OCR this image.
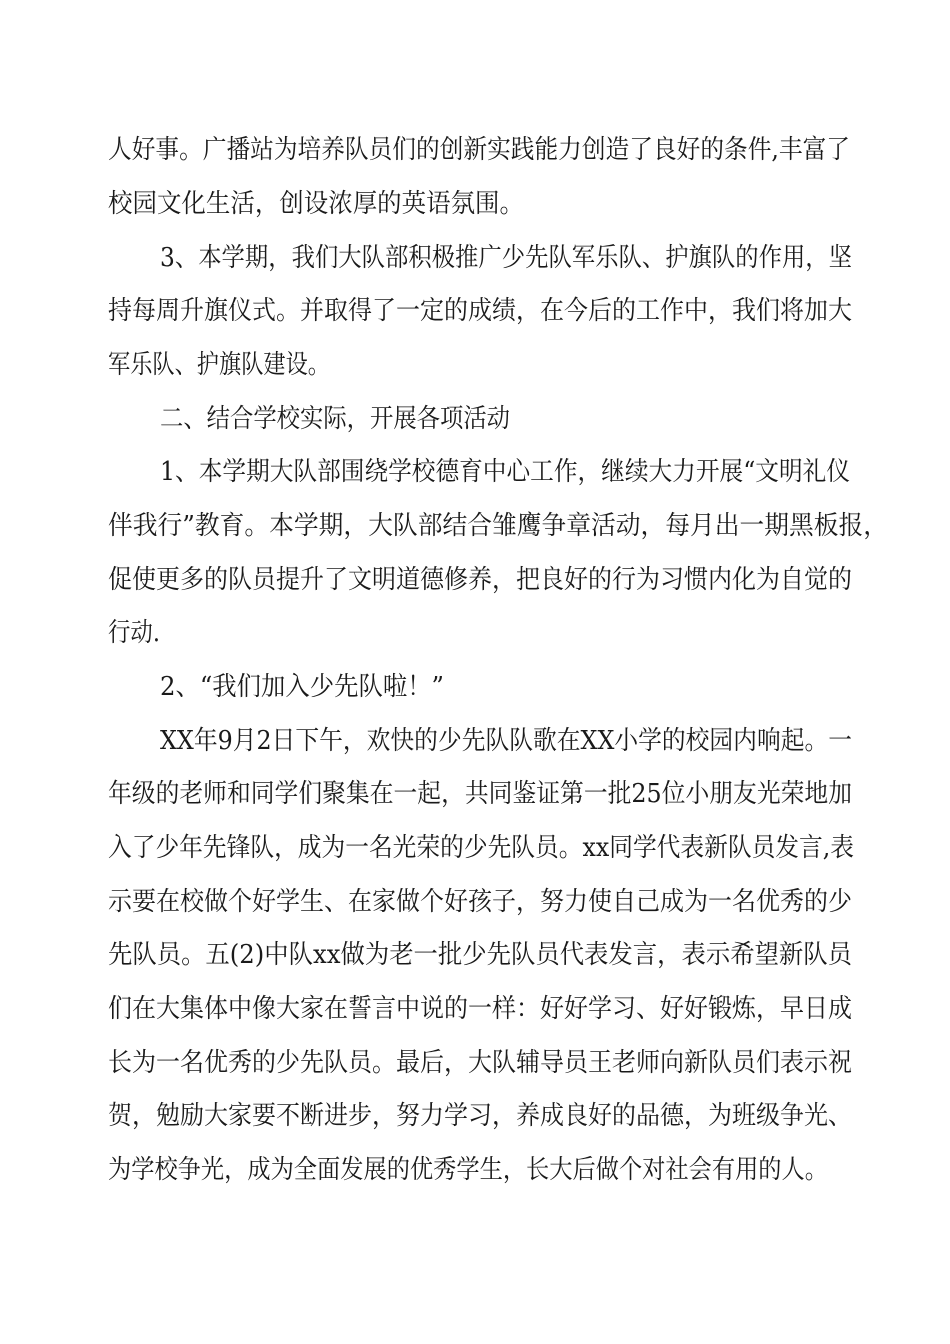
人好事。广播站为培养队员们的创新实践能力创造了良好的条件,丰富了
校园文化生活，创设浓厚的英语氛围。
3、本学期，我们大队部积极推广少先队军乐队、护旗队的作用，坚
持每周升旗仪式。并取得了一定的成绩，在今后的工作中，我们将加大
军乐队、护旗队建设。
二、结合学校实际，开展各项活动
1、本学期大队部围绕学校德育中心工作，继续大力开展“文明礼仪
伴我行”教育。本学期，大队部结合雏鹰争章活动，每月出一期黑板报，
促使更多的队员提升了文明道德修养，把良好的行为习惯内化为自觉的
行动.
2、“我们加入少先队啦！”
XX年9月2日下午，欢快的少先队队歌在XX小学的校园内响起。一
年级的老师和同学们聚集在一起，共同鉴证第一批25位小朋友光荣地加
入了少年先锋队，成为一名光荣的少先队员。xx同学代表新队员发言,表
示要在校做个好学生、在家做个好孩子，努力使自己成为一名优秀的少
先队员。五(2)中队xx做为老一批少先队员代表发言，表示希望新队员
们在大集体中像大家在誓言中说的一样：好好学习、好好锻炼，早日成
长为一名优秀的少先队员。最后，大队辅导员王老师向新队员们表示祝
贺，勉励大家要不断进步，努力学习，养成良好的品德，为班级争光、
为学校争光，成为全面发展的优秀学生，长大后做个对社会有用的人。
